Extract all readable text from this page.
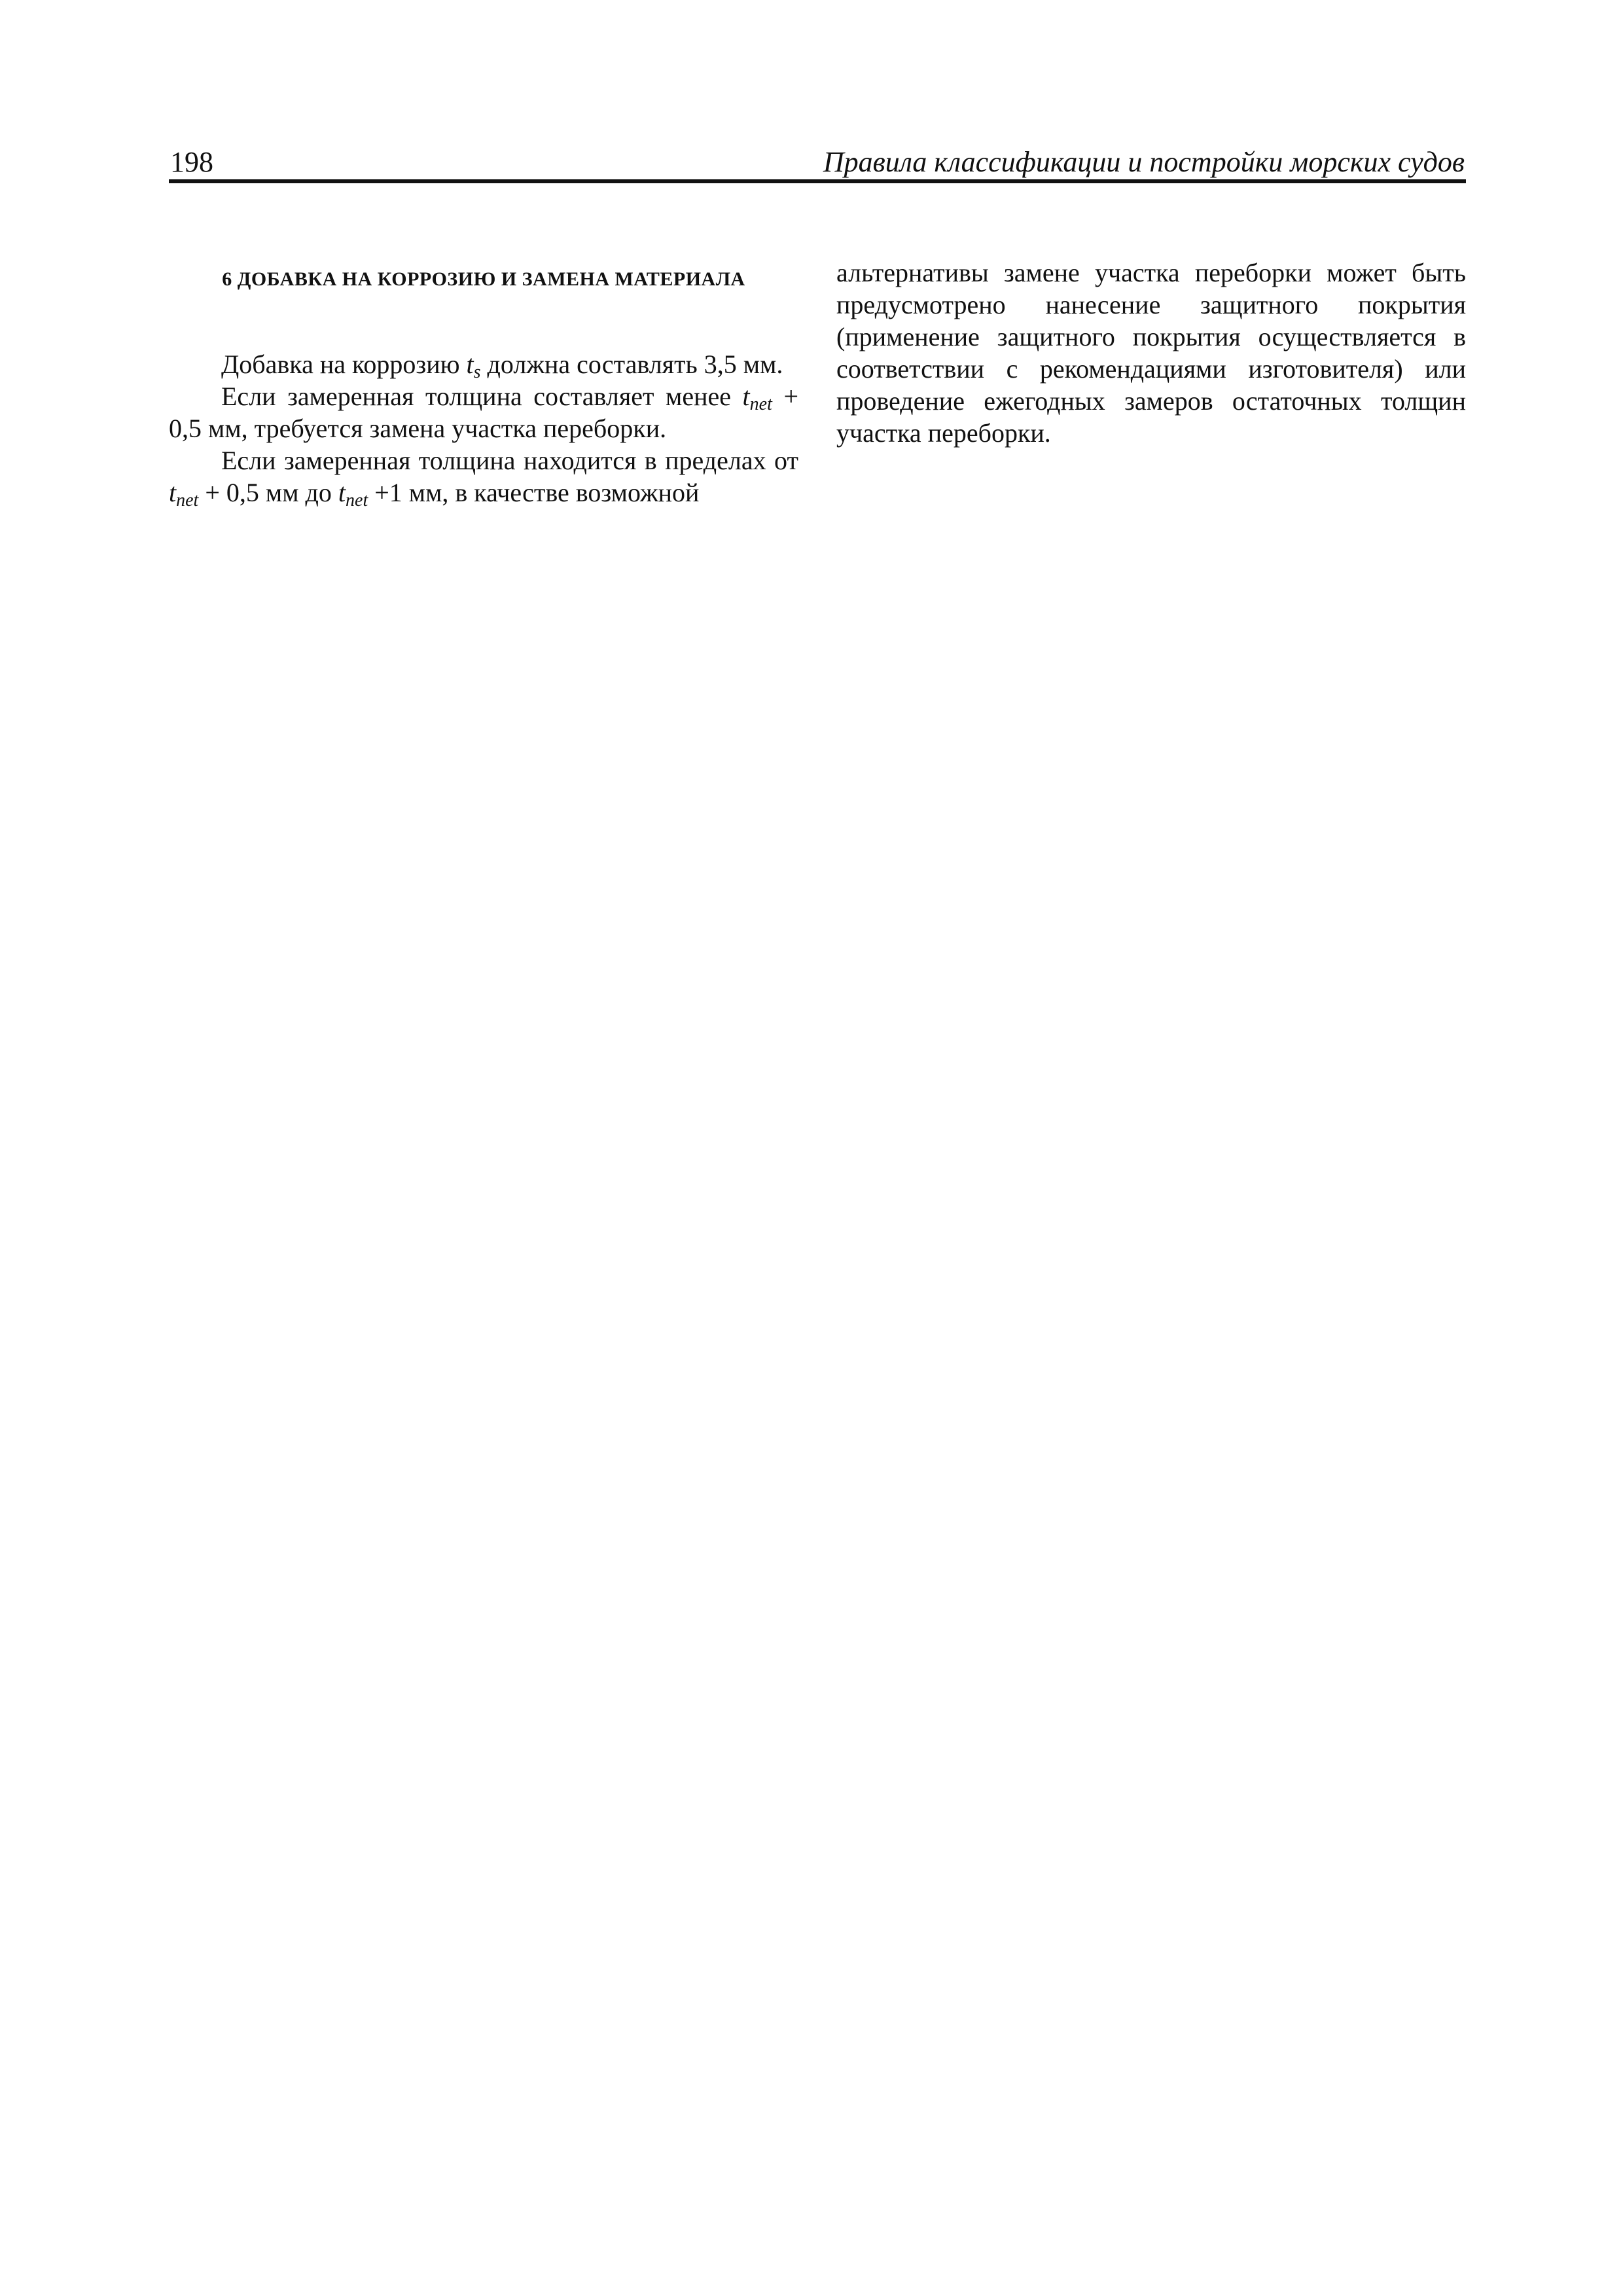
198	Правила классификации и постройки морских судов
6 ДОБАВКА НА КОРРОЗИЮ И ЗАМЕНА МАТЕРИАЛА

Добавка на коррозию $t_s$ должна составлять 3,5 мм.

Если замеренная толщина составляет менее $t_{net} + 0,5$ мм, требуется замена участка переборки.

Если замеренная толщина находится в пределах от $t_{net} + 0,5$ мм до $t_{net} +1$ мм, в качестве возможной

альтернативы замене участка переборки может быть предусмотрено нанесение защитного покрытия (применение защитного покрытия осуществляется в соответствии с рекомендациями изготовителя) или проведение ежегодных замеров остаточных толщин участка переборки.
